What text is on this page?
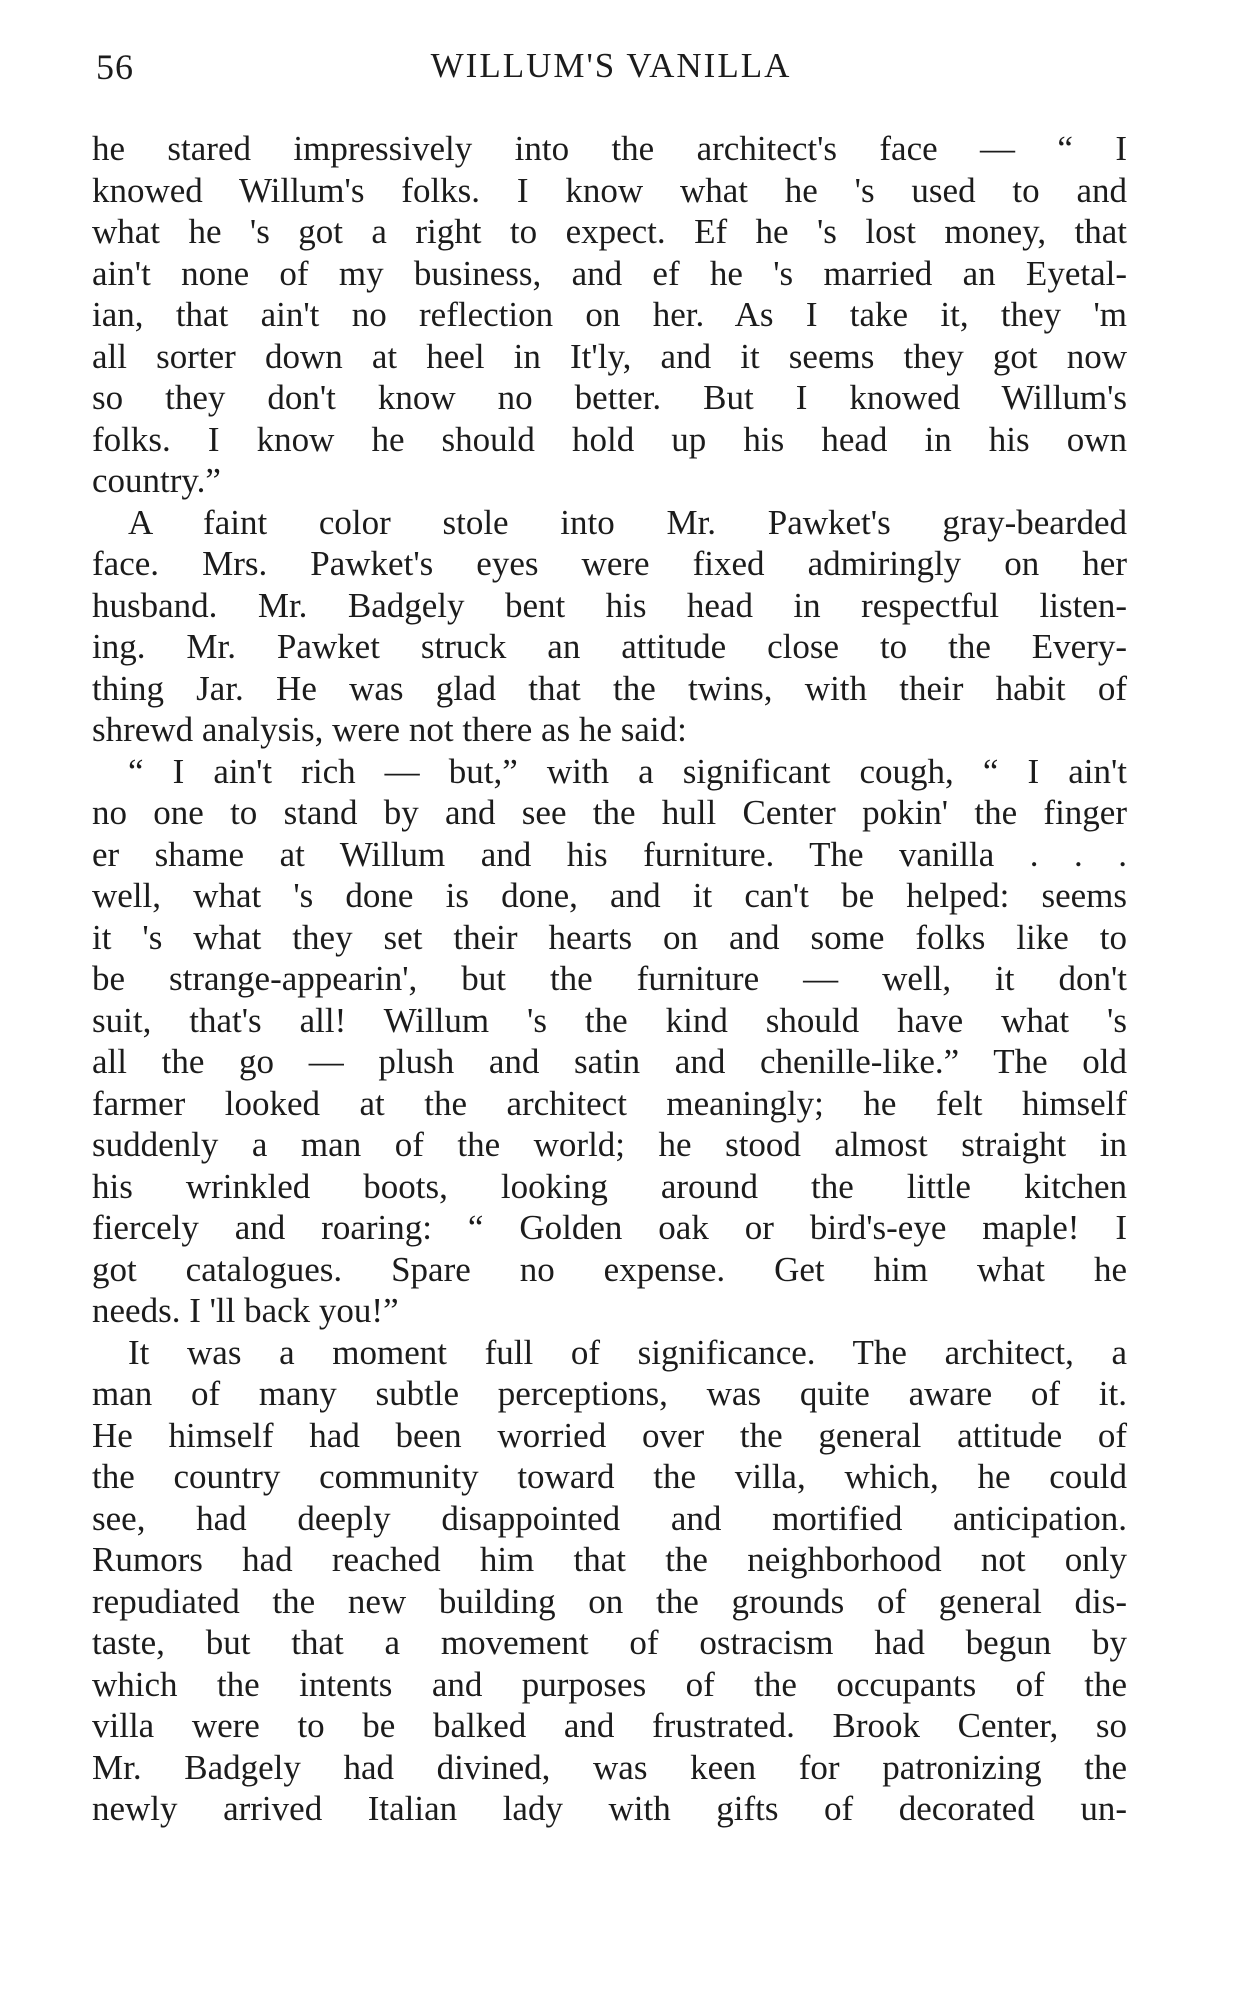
56	WILLUM'S VANILLA
he stared impressively into the architect's face — “ I
knowed Willum's folks. I know what he 's used to and
what he 's got a right to expect. Ef he 's lost money, that
ain't none of my business, and ef he 's married an Eyetal-
ian, that ain't no reflection on her. As I take it, they 'm
all sorter down at heel in It'ly, and it seems they got now
so they don't know no better. But I knowed Willum's
folks. I know he should hold up his head in his own
country.”
A faint color stole into Mr. Pawket's gray-bearded
face. Mrs. Pawket's eyes were fixed admiringly on her
husband. Mr. Badgely bent his head in respectful listen-
ing. Mr. Pawket struck an attitude close to the Every-
thing Jar. He was glad that the twins, with their habit of
shrewd analysis, were not there as he said:
“ I ain't rich — but,” with a significant cough, “ I ain't
no one to stand by and see the hull Center pokin' the finger
er shame at Willum and his furniture. The vanilla . . .
well, what 's done is done, and it can't be helped: seems
it 's what they set their hearts on and some folks like to
be strange-appearin', but the furniture — well, it don't
suit, that's all! Willum 's the kind should have what 's
all the go — plush and satin and chenille-like.” The old
farmer looked at the architect meaningly; he felt himself
suddenly a man of the world; he stood almost straight in
his wrinkled boots, looking around the little kitchen
fiercely and roaring: “ Golden oak or bird's-eye maple! I
got catalogues. Spare no expense. Get him what he
needs. I 'll back you!”
It was a moment full of significance. The architect, a
man of many subtle perceptions, was quite aware of it.
He himself had been worried over the general attitude of
the country community toward the villa, which, he could
see, had deeply disappointed and mortified anticipation.
Rumors had reached him that the neighborhood not only
repudiated the new building on the grounds of general dis-
taste, but that a movement of ostracism had begun by
which the intents and purposes of the occupants of the
villa were to be balked and frustrated. Brook Center, so
Mr. Badgely had divined, was keen for patronizing the
newly arrived Italian lady with gifts of decorated un-
